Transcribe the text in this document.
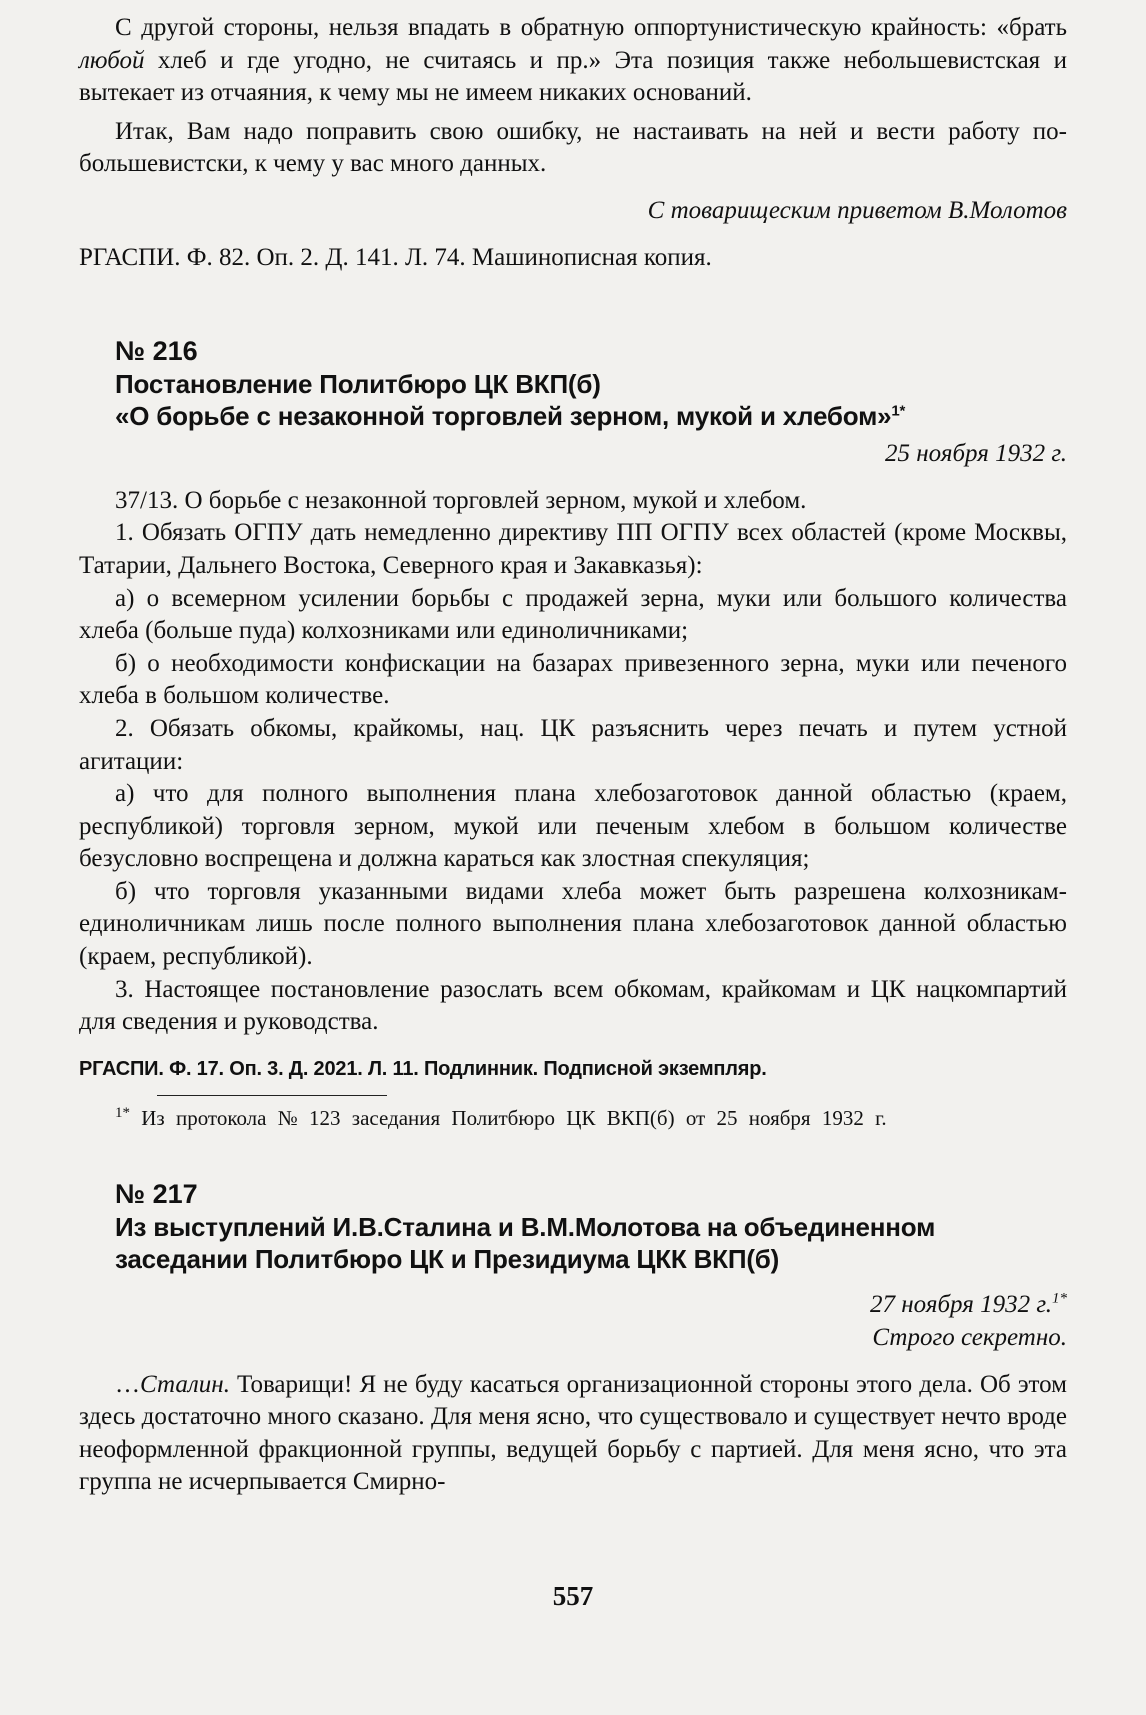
С другой стороны, нельзя впадать в обратную оппортунистическую крайность: «брать любой хлеб и где угодно, не считаясь и пр.» Эта позиция также небольшевистская и вытекает из отчаяния, к чему мы не имеем никаких оснований.

Итак, Вам надо поправить свою ошибку, не настаивать на ней и вести работу по-большевистски, к чему у вас много данных.

С товарищеским приветом В.Молотов

РГАСПИ. Ф. 82. Оп. 2. Д. 141. Л. 74. Машинописная копия.

№ 216

Постановление Политбюро ЦК ВКП(б)

«О борьбе с незаконной торговлей зерном, мукой и хлебом»$^{1*}$

25 ноября 1932 г.

37/13. О борьбе с незаконной торговлей зерном, мукой и хлебом.

1. Обязать ОГПУ дать немедленно директиву ПП ОГПУ всех областей (кроме Москвы, Татарии, Дальнего Востока, Северного края и Закавказья):

а) о всемерном усилении борьбы с продажей зерна, муки или большого количества хлеба (больше пуда) колхозниками или единоличниками;

б) о необходимости конфискации на базарах привезенного зерна, муки или печеного хлеба в большом количестве.

2. Обязать обкомы, крайкомы, нац. ЦК разъяснить через печать и путем устной агитации:

а) что для полного выполнения плана хлебозаготовок данной областью (краем, республикой) торговля зерном, мукой или печеным хлебом в большом количестве безусловно воспрещена и должна караться как злостная спекуляция;

б) что торговля указанными видами хлеба может быть разрешена колхозникам-единоличникам лишь после полного выполнения плана хлебозаготовок данной областью (краем, республикой).

3. Настоящее постановление разослать всем обкомам, крайкомам и ЦК нацкомпартий для сведения и руководства.

РГАСПИ. Ф. 17. Оп. 3. Д. 2021. Л. 11. Подлинник. Подписной экземпляр.

$^{1*}$ Из протокола № 123 заседания Политбюро ЦК ВКП(б) от 25 ноября 1932 г.

№ 217

Из выступлений И.В.Сталина и В.М.Молотова на объединенном

заседании Политбюро ЦК и Президиума ЦКК ВКП(б)

27 ноября 1932 г.$^{1*}$

Строго секретно.

…Сталин. Товарищи! Я не буду касаться организационной стороны этого дела. Об этом здесь достаточно много сказано. Для меня ясно, что существовало и существует нечто вроде неоформленной фракционной группы, ведущей борьбу с партией. Для меня ясно, что эта группа не исчерпывается Смирно-

557
